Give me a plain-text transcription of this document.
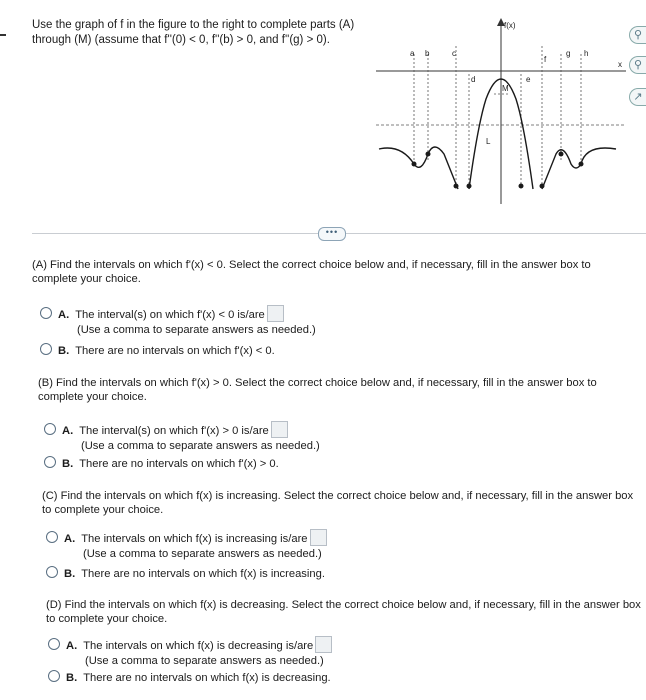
Use the graph of f in the figure to the right to complete parts (A) through (M) (assume that f''(0) < 0, f''(b) > 0, and f''(g) > 0).
f(x)
x
a b	c
d
L
M
e
f
g h
⚲
⚲
↗
•••
(A) Find the intervals on which f'(x) < 0. Select the correct choice below and, if necessary, fill in the answer box to complete your choice.
A. The interval(s) on which f'(x) < 0 is/are
(Use a comma to separate answers as needed.)
B. There are no intervals on which f'(x) < 0.
(B) Find the intervals on which f'(x) > 0. Select the correct choice below and, if necessary, fill in the answer box to complete your choice.
A. The interval(s) on which f'(x) > 0 is/are
(Use a comma to separate answers as needed.)
B. There are no intervals on which f'(x) > 0.
(C) Find the intervals on which f(x) is increasing. Select the correct choice below and, if necessary, fill in the answer box to complete your choice.
A. The intervals on which f(x) is increasing is/are
(Use a comma to separate answers as needed.)
B. There are no intervals on which f(x) is increasing.
(D) Find the intervals on which f(x) is decreasing. Select the correct choice below and, if necessary, fill in the answer box to complete your choice.
A. The intervals on which f(x) is decreasing is/are
(Use a comma to separate answers as needed.)
B. There are no intervals on which f(x) is decreasing.
